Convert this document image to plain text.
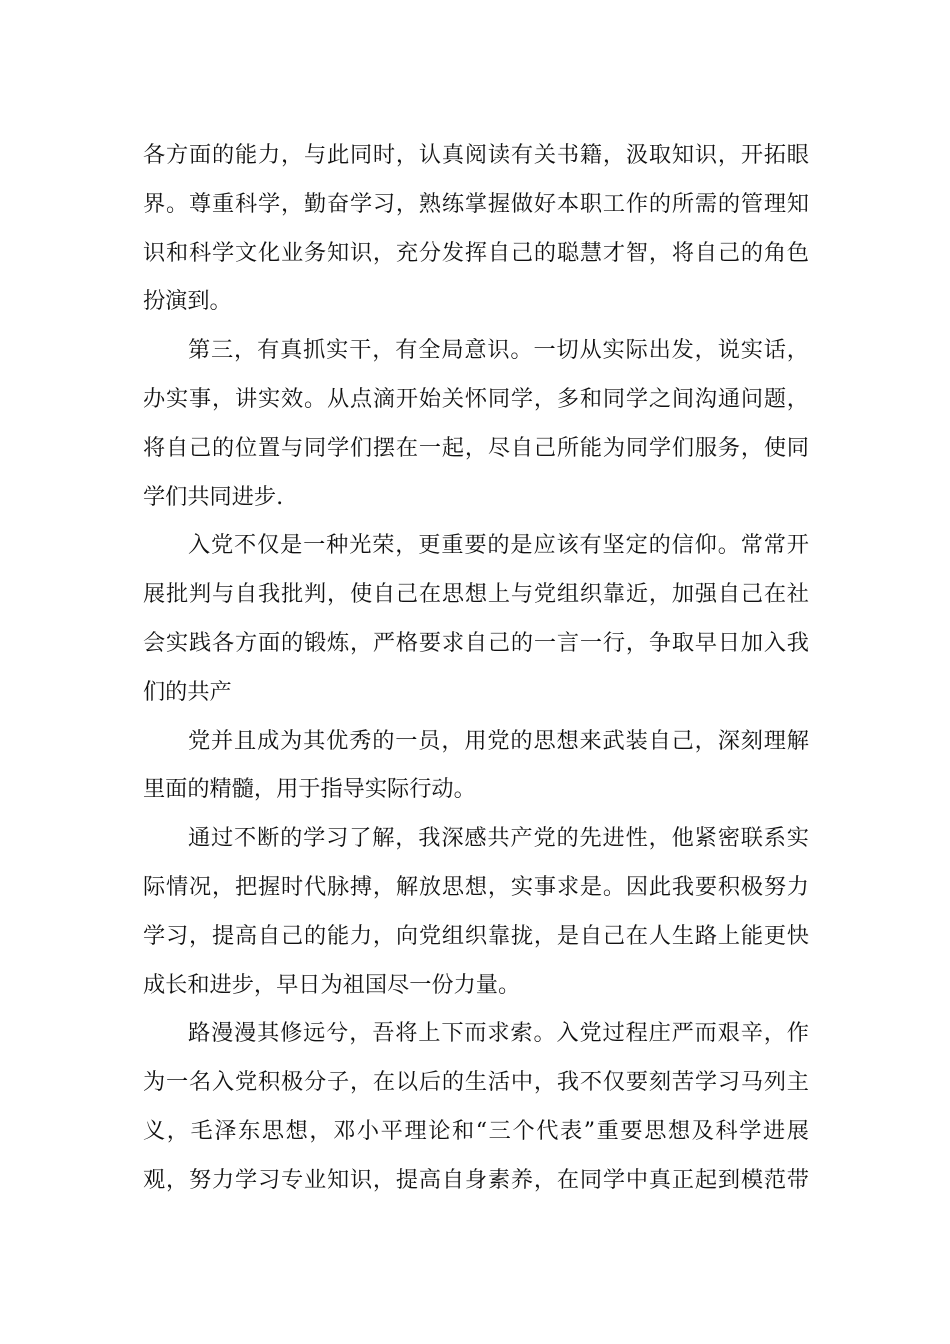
各方面的能力，与此同时，认真阅读有关书籍，汲取知识，开拓眼
界。尊重科学，勤奋学习，熟练掌握做好本职工作的所需的管理知
识和科学文化业务知识，充分发挥自己的聪慧才智，将自己的角色
扮演到。

第三，有真抓实干，有全局意识。一切从实际出发，说实话，
办实事，讲实效。从点滴开始关怀同学，多和同学之间沟通问题，
将自己的位置与同学们摆在一起，尽自己所能为同学们服务，使同
学们共同进步.

入党不仅是一种光荣，更重要的是应该有坚定的信仰。常常开
展批判与自我批判，使自己在思想上与党组织靠近，加强自己在社
会实践各方面的锻炼，严格要求自己的一言一行，争取早日加入我
们的共产

党并且成为其优秀的一员，用党的思想来武装自己，深刻理解
里面的精髓，用于指导实际行动。

通过不断的学习了解，我深感共产党的先进性，他紧密联系实
际情况，把握时代脉搏，解放思想，实事求是。因此我要积极努力
学习，提高自己的能力，向党组织靠拢，是自己在人生路上能更快
成长和进步，早日为祖国尽一份力量。

路漫漫其修远兮，吾将上下而求索。入党过程庄严而艰辛，作
为一名入党积极分子，在以后的生活中，我不仅要刻苦学习马列主
义，毛泽东思想，邓小平理论和“三个代表”重要思想及科学进展
观，努力学习专业知识，提高自身素养，在同学中真正起到模范带
